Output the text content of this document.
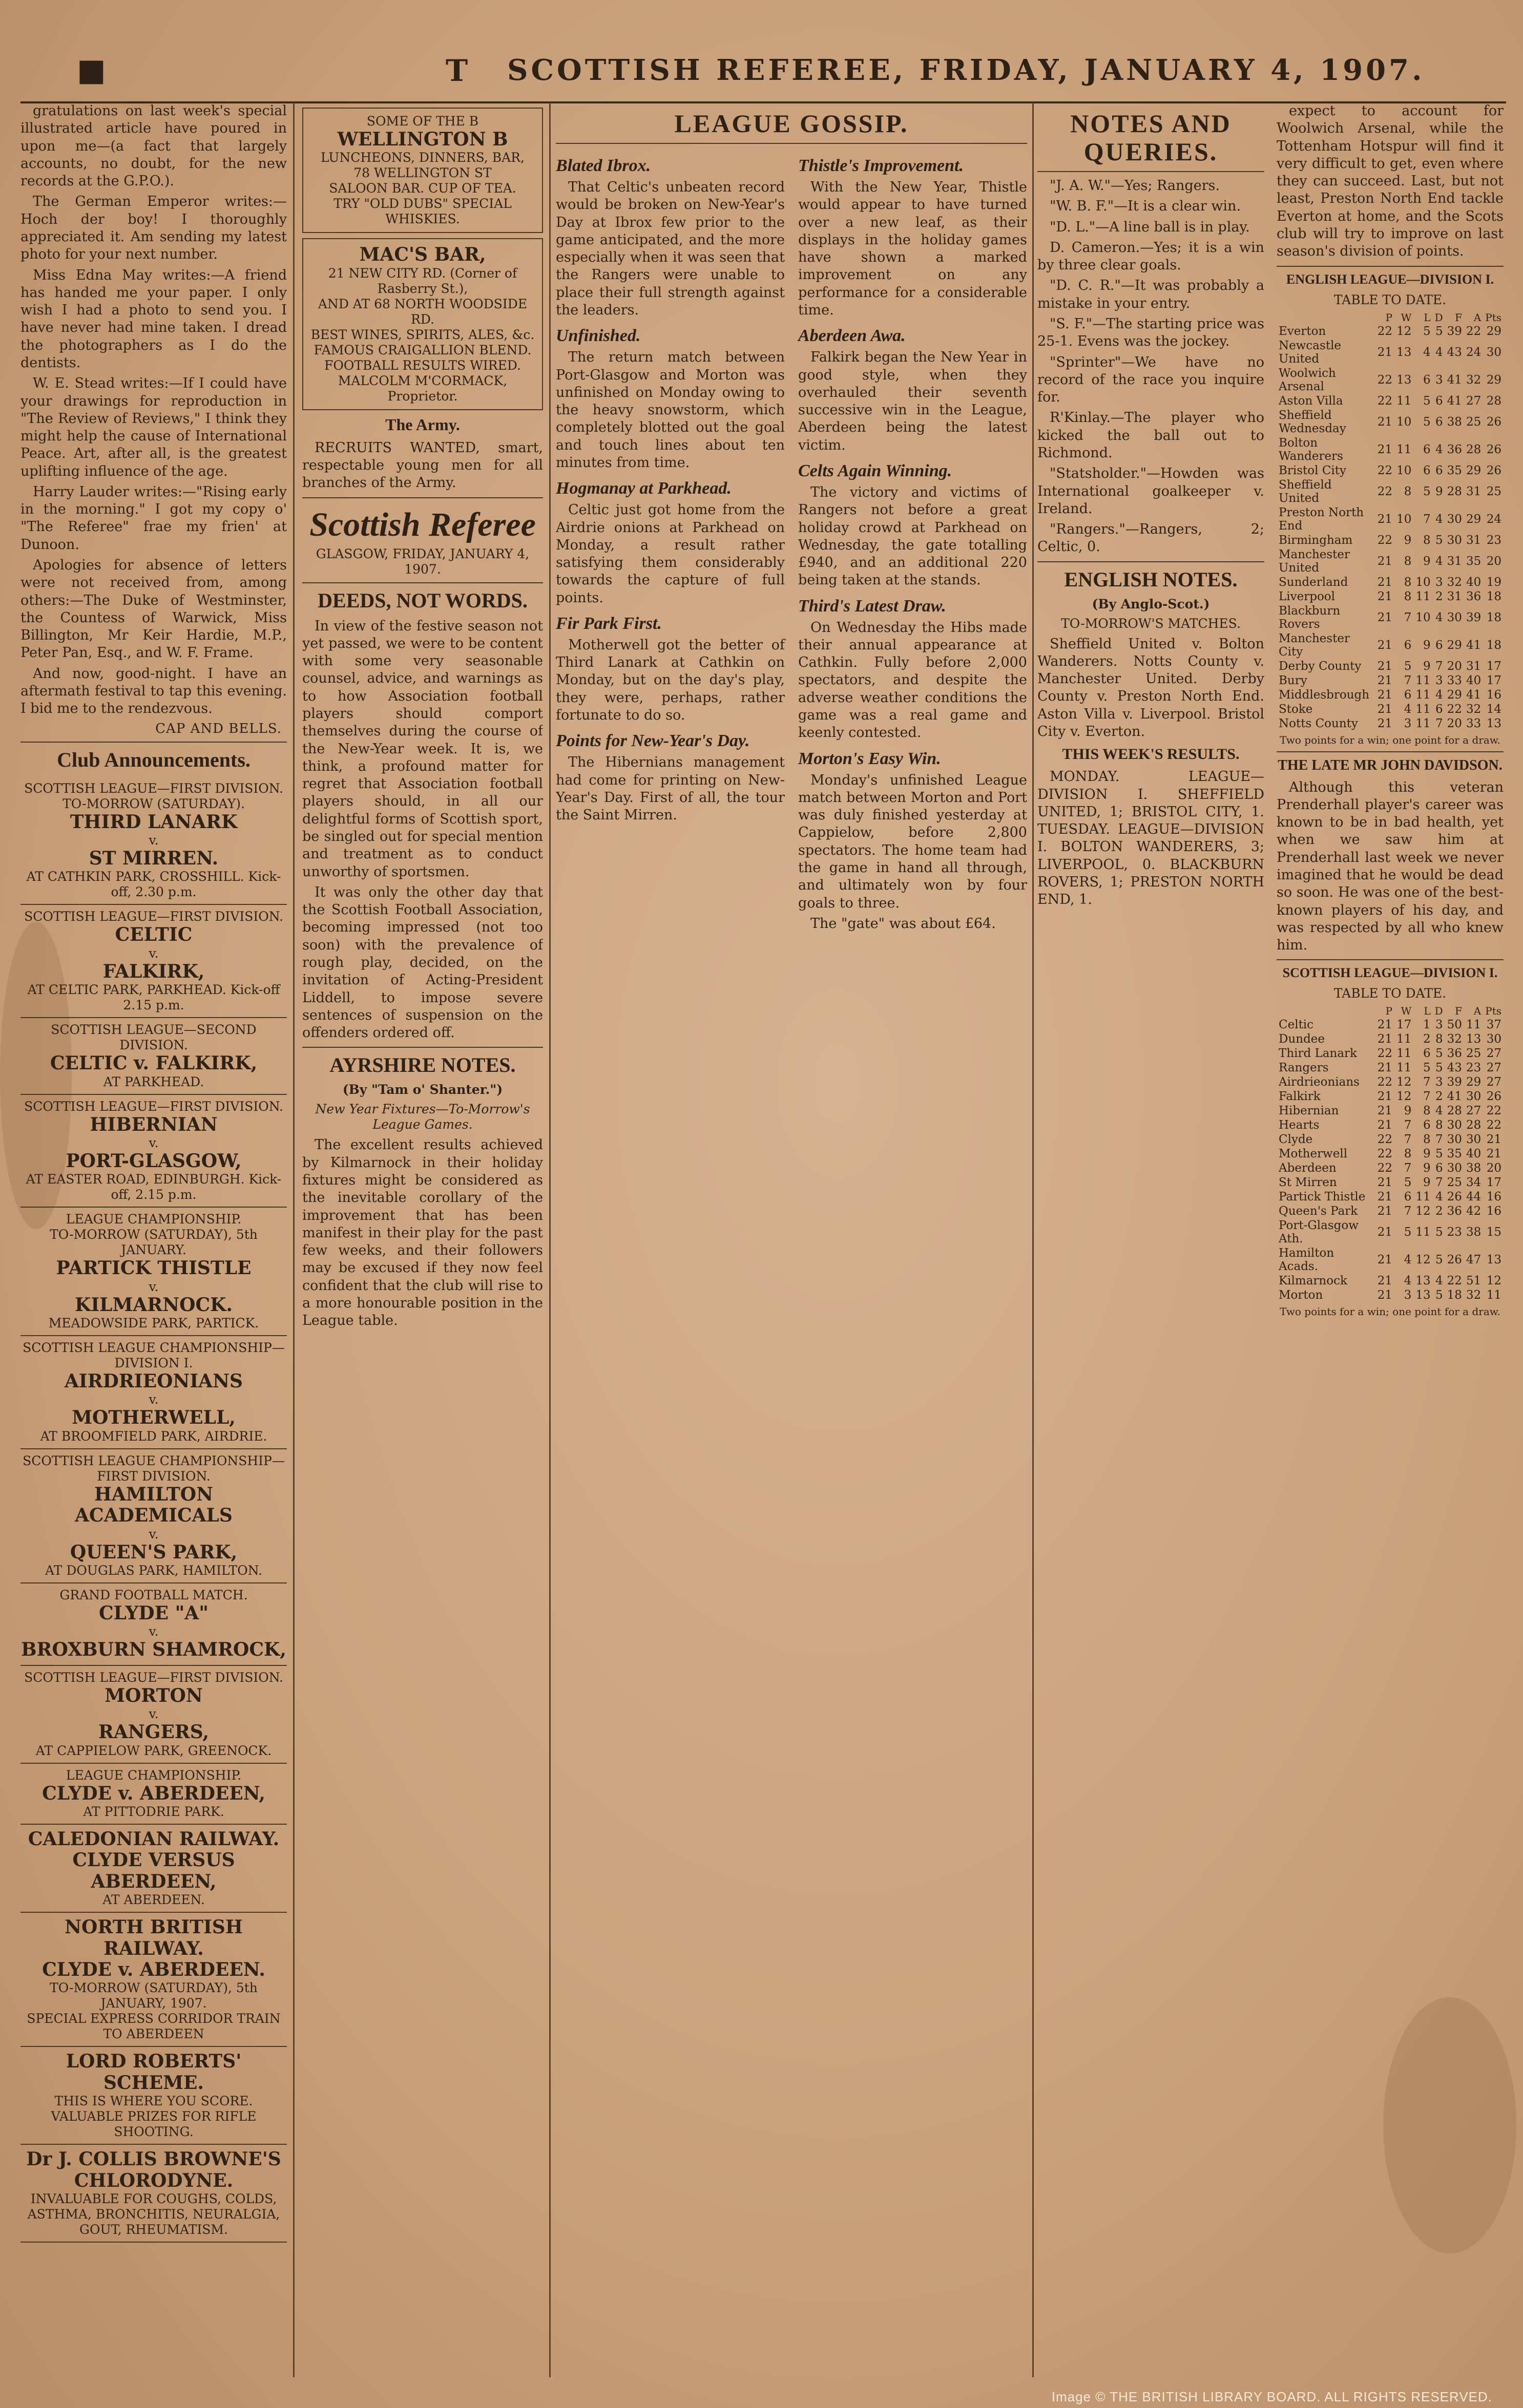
■	T SCOTTISH REFEREE, FRIDAY, JANUARY 4, 1907.

gratulations on last week's special illustrated article have poured in upon me—(a fact that largely accounts, no doubt, for the new records at the G.P.O.).

The German Emperor writes:—Hoch der boy! I thoroughly appreciated it. Am sending my latest photo for your next number.

Miss Edna May writes:—A friend has handed me your paper. I only wish I had a photo to send you. I have never had mine taken. I dread the photographers as I do the dentists.

W. E. Stead writes:—If I could have your drawings for reproduction in "The Review of Reviews," I think they might help the cause of International Peace. Art, after all, is the greatest uplifting influence of the age.

Harry Lauder writes:—"Rising early in the morning." I got my copy o' "The Referee" frae my frien' at Dunoon.

Apologies for absence of letters were not received from, among others:—The Duke of Westminster, the Countess of Warwick, Miss Billington, Mr Keir Hardie, M.P., Peter Pan, Esq., and W. F. Frame.

And now, good-night. I have an aftermath festival to tap this evening. I bid me to the rendezvous.

CAP AND BELLS.
Club Announcements.
SCOTTISH LEAGUE—FIRST DIVISION.
TO-MORROW (SATURDAY).
THIRD LANARK
v.
ST MIRREN.
AT CATHKIN PARK, CROSSHILL. Kick-off, 2.30 p.m.
SCOTTISH LEAGUE—FIRST DIVISION.
CELTIC
v.
FALKIRK,
AT CELTIC PARK, PARKHEAD. Kick-off 2.15 p.m.
SCOTTISH LEAGUE—SECOND DIVISION.
CELTIC v. FALKIRK,
AT PARKHEAD.
SCOTTISH LEAGUE—FIRST DIVISION.
HIBERNIAN
v.
PORT-GLASGOW,
AT EASTER ROAD, EDINBURGH. Kick-off, 2.15 p.m.
LEAGUE CHAMPIONSHIP.
TO-MORROW (SATURDAY), 5th JANUARY.
PARTICK THISTLE
v.
KILMARNOCK.
MEADOWSIDE PARK, PARTICK.
SCOTTISH LEAGUE CHAMPIONSHIP—DIVISION I.
AIRDRIEONIANS
v.
MOTHERWELL,
AT BROOMFIELD PARK, AIRDRIE.
SCOTTISH LEAGUE CHAMPIONSHIP—FIRST DIVISION.
HAMILTON ACADEMICALS
v.
QUEEN'S PARK,
AT DOUGLAS PARK, HAMILTON.
GRAND FOOTBALL MATCH.
CLYDE "A"
v.
BROXBURN SHAMROCK,
SCOTTISH LEAGUE—FIRST DIVISION.
MORTON
v.
RANGERS,
AT CAPPIELOW PARK, GREENOCK.
LEAGUE CHAMPIONSHIP.
CLYDE v. ABERDEEN,
AT PITTODRIE PARK.
CALEDONIAN RAILWAY.
CLYDE VERSUS ABERDEEN,
AT ABERDEEN.
NORTH BRITISH RAILWAY.
CLYDE v. ABERDEEN.
TO-MORROW (SATURDAY), 5th JANUARY, 1907.
SPECIAL EXPRESS CORRIDOR TRAIN TO ABERDEEN
LORD ROBERTS' SCHEME.
THIS IS WHERE YOU SCORE.
VALUABLE PRIZES FOR RIFLE SHOOTING.
Dr J. COLLIS BROWNE'S CHLORODYNE.
INVALUABLE FOR COUGHS, COLDS, ASTHMA, BRONCHITIS, NEURALGIA, GOUT, RHEUMATISM.
SOME OF THE B
WELLINGTON B
LUNCHEONS, DINNERS, BAR,
78 WELLINGTON ST
SALOON BAR. CUP OF TEA.
TRY "OLD DUBS" SPECIAL WHISKIES.
MAC'S BAR,
21 NEW CITY RD. (Corner of Rasberry St.),
AND AT 68 NORTH WOODSIDE RD.
BEST WINES, SPIRITS, ALES, &c.
FAMOUS CRAIGALLION BLEND.
FOOTBALL RESULTS WIRED.
MALCOLM M'CORMACK, Proprietor.
The Army.

RECRUITS WANTED, smart, respectable young men for all branches of the Army.

Scottish Referee
GLASGOW, FRIDAY, JANUARY 4, 1907.
DEEDS, NOT WORDS.

In view of the festive season not yet passed, we were to be content with some very seasonable counsel, advice, and warnings as to how Association football players should comport themselves during the course of the New-Year week. It is, we think, a profound matter for regret that Association football players should, in all our delightful forms of Scottish sport, be singled out for special mention and treatment as to conduct unworthy of sportsmen.

It was only the other day that the Scottish Football Association, becoming impressed (not too soon) with the prevalence of rough play, decided, on the invitation of Acting-President Liddell, to impose severe sentences of suspension on the offenders ordered off.

AYRSHIRE NOTES.
(By "Tam o' Shanter.")
New Year Fixtures—To-Morrow's League Games.

The excellent results achieved by Kilmarnock in their holiday fixtures might be considered as the inevitable corollary of the improvement that has been manifest in their play for the past few weeks, and their followers may be excused if they now feel confident that the club will rise to a more honourable position in the League table.

LEAGUE GOSSIP.
Blated Ibrox.

That Celtic's unbeaten record would be broken on New-Year's Day at Ibrox few prior to the game anticipated, and the more especially when it was seen that the Rangers were unable to place their full strength against the leaders.

Unfinished.

The return match between Port-Glasgow and Morton was unfinished on Monday owing to the heavy snowstorm, which completely blotted out the goal and touch lines about ten minutes from time.

Hogmanay at Parkhead.

Celtic just got home from the Airdrie onions at Parkhead on Monday, a result rather satisfying them considerably towards the capture of full points.

Fir Park First.

Motherwell got the better of Third Lanark at Cathkin on Monday, but on the day's play, they were, perhaps, rather fortunate to do so.

Points for New-Year's Day.

The Hibernians management had come for printing on New-Year's Day. First of all, the tour the Saint Mirren.

Thistle's Improvement.

With the New Year, Thistle would appear to have turned over a new leaf, as their displays in the holiday games have shown a marked improvement on any performance for a considerable time.

Aberdeen Awa.

Falkirk began the New Year in good style, when they overhauled their seventh successive win in the League, Aberdeen being the latest victim.

Celts Again Winning.

The victory and victims of Rangers not before a great holiday crowd at Parkhead on Wednesday, the gate totalling £940, and an additional 220 being taken at the stands.

Third's Latest Draw.

On Wednesday the Hibs made their annual appearance at Cathkin. Fully before 2,000 spectators, and despite the adverse weather conditions the game was a real game and keenly contested.

Morton's Easy Win.

Monday's unfinished League match between Morton and Port was duly finished yesterday at Cappielow, before 2,800 spectators. The home team had the game in hand all through, and ultimately won by four goals to three.

The "gate" was about £64.

NOTES AND QUERIES.

"J. A. W."—Yes; Rangers.

"W. B. F."—It is a clear win.

"D. L."—A line ball is in play.

D. Cameron.—Yes; it is a win by three clear goals.

"D. C. R."—It was probably a mistake in your entry.

"S. F."—The starting price was 25-1. Evens was the jockey.

"Sprinter"—We have no record of the race you inquire for.

R'Kinlay.—The player who kicked the ball out to Richmond.

"Statsholder."—Howden was International goalkeeper v. Ireland.

"Rangers."—Rangers, 2; Celtic, 0.

ENGLISH NOTES.
(By Anglo-Scot.)
TO-MORROW'S MATCHES.

Sheffield United v. Bolton Wanderers. Notts County v. Manchester United. Derby County v. Preston North End. Aston Villa v. Liverpool. Bristol City v. Everton.

THIS WEEK'S RESULTS.

MONDAY. LEAGUE—DIVISION I. SHEFFIELD UNITED, 1; BRISTOL CITY, 1. TUESDAY. LEAGUE—DIVISION I. BOLTON WANDERERS, 3; LIVERPOOL, 0. BLACKBURN ROVERS, 1; PRESTON NORTH END, 1.

expect to account for Woolwich Arsenal, while the Tottenham Hotspur will find it very difficult to get, even where they can succeed. Last, but not least, Preston North End tackle Everton at home, and the Scots club will try to improve on last season's division of points.

ENGLISH LEAGUE—DIVISION I.
TABLE TO DATE.
	P	W	L	D	F	A	Pts
Everton	22	12	5	5	39	22	29
Newcastle United	21	13	4	4	43	24	30
Woolwich Arsenal	22	13	6	3	41	32	29
Aston Villa	22	11	5	6	41	27	28
Sheffield Wednesday	21	10	5	6	38	25	26
Bolton Wanderers	21	11	6	4	36	28	26
Bristol City	22	10	6	6	35	29	26
Sheffield United	22	8	5	9	28	31	25
Preston North End	21	10	7	4	30	29	24
Birmingham	22	9	8	5	30	31	23
Manchester United	21	8	9	4	31	35	20
Sunderland	21	8	10	3	32	40	19
Liverpool	21	8	11	2	31	36	18
Blackburn Rovers	21	7	10	4	30	39	18
Manchester City	21	6	9	6	29	41	18
Derby County	21	5	9	7	20	31	17
Bury	21	7	11	3	33	40	17
Middlesbrough	21	6	11	4	29	41	16
Stoke	21	4	11	6	22	32	14
Notts County	21	3	11	7	20	33	13
Two points for a win; one point for a draw.
THE LATE MR JOHN DAVIDSON.

Although this veteran Prenderhall player's career was known to be in bad health, yet when we saw him at Prenderhall last week we never imagined that he would be dead so soon. He was one of the best-known players of his day, and was respected by all who knew him.

SCOTTISH LEAGUE—DIVISION I.
TABLE TO DATE.
	P	W	L	D	F	A	Pts
Celtic	21	17	1	3	50	11	37
Dundee	21	11	2	8	32	13	30
Third Lanark	22	11	6	5	36	25	27
Rangers	21	11	5	5	43	23	27
Airdrieonians	22	12	7	3	39	29	27
Falkirk	21	12	7	2	41	30	26
Hibernian	21	9	8	4	28	27	22
Hearts	21	7	6	8	30	28	22
Clyde	22	7	8	7	30	30	21
Motherwell	22	8	9	5	35	40	21
Aberdeen	22	7	9	6	30	38	20
St Mirren	21	5	9	7	25	34	17
Partick Thistle	21	6	11	4	26	44	16
Queen's Park	21	7	12	2	36	42	16
Port-Glasgow Ath.	21	5	11	5	23	38	15
Hamilton Acads.	21	4	12	5	26	47	13
Kilmarnock	21	4	13	4	22	51	12
Morton	21	3	13	5	18	32	11
Two points for a win; one point for a draw.
Image © THE BRITISH LIBRARY BOARD. ALL RIGHTS RESERVED.
